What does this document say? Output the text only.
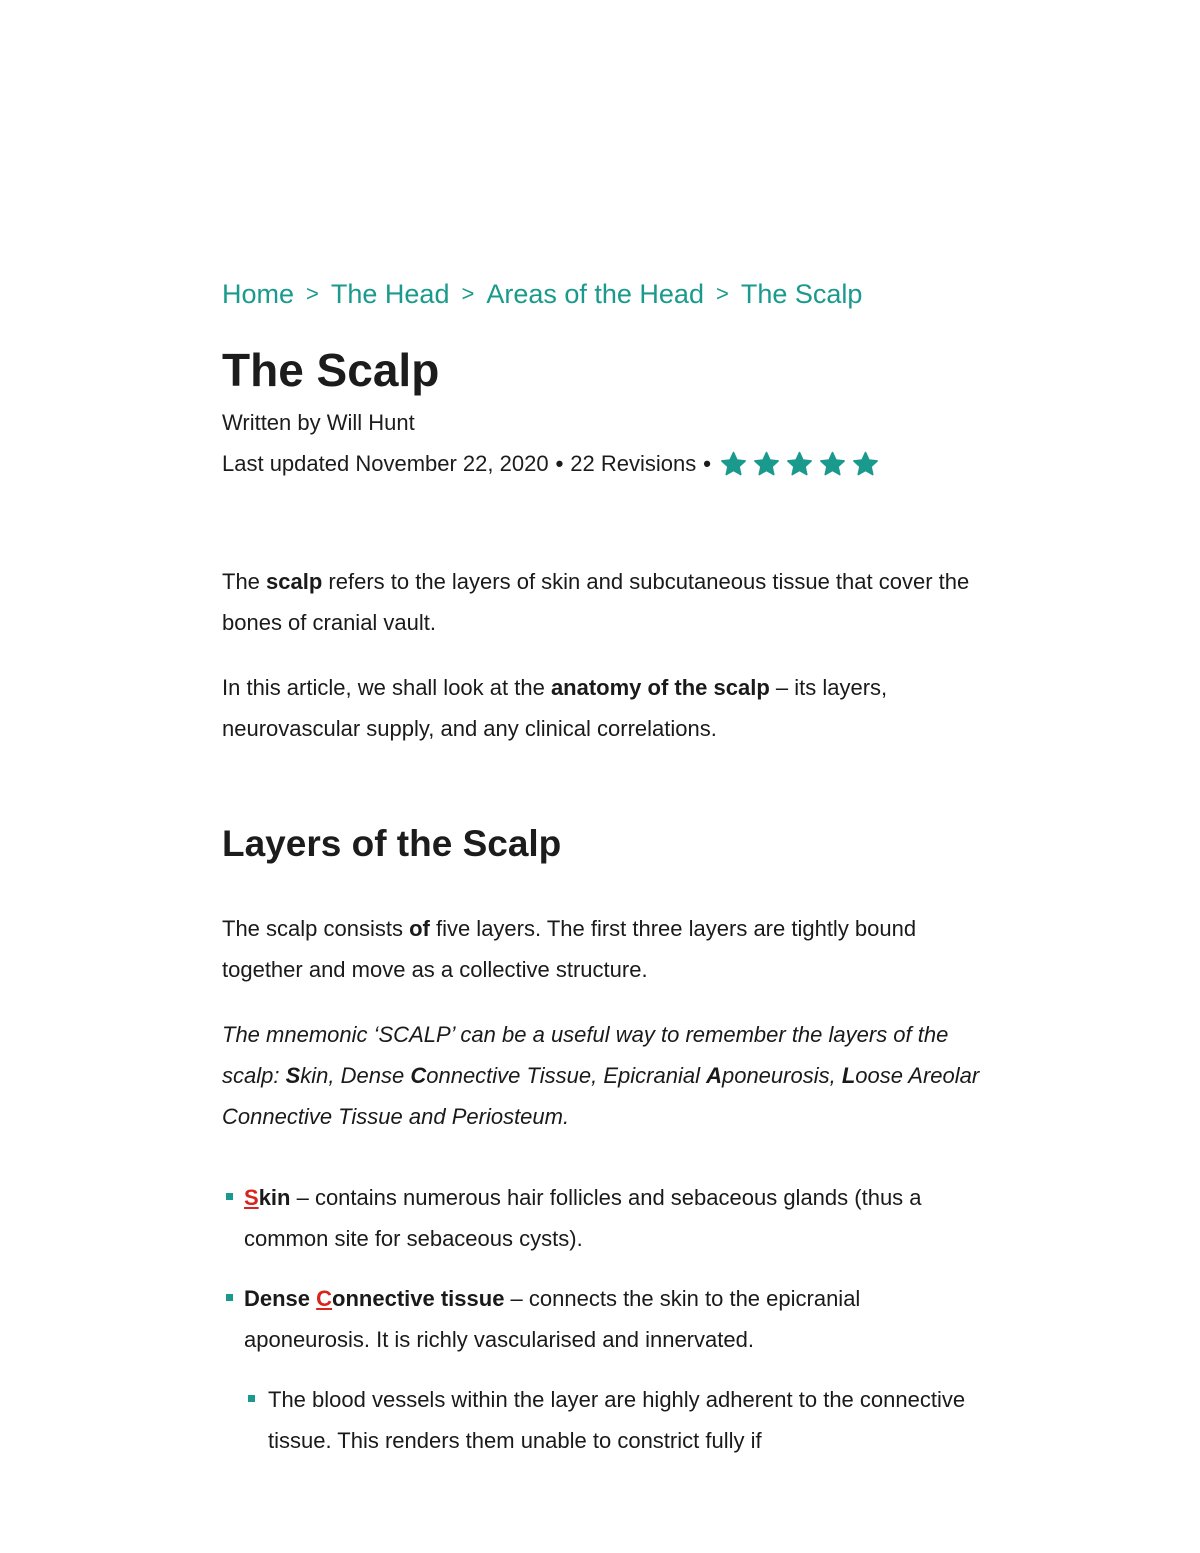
Home > The Head > Areas of the Head > The Scalp
The Scalp
Written by Will Hunt
Last updated November 22, 2020 • 22 Revisions •

The scalp refers to the layers of skin and subcutaneous tissue that cover the bones of cranial vault.

In this article, we shall look at the anatomy of the scalp – its layers, neurovascular supply, and any clinical correlations.

Layers of the Scalp

The scalp consists of five layers. The first three layers are tightly bound together and move as a collective structure.

The mnemonic ‘SCALP’ can be a useful way to remember the layers of the scalp: Skin, Dense Connective Tissue, Epicranial Aponeurosis, Loose Areolar Connective Tissue and Periosteum.

Skin – contains numerous hair follicles and sebaceous glands (thus a common site for sebaceous cysts).
Dense Connective tissue – connects the skin to the epicranial aponeurosis. It is richly vascularised and innervated.
The blood vessels within the layer are highly adherent to the connective tissue. This renders them unable to constrict fully if
